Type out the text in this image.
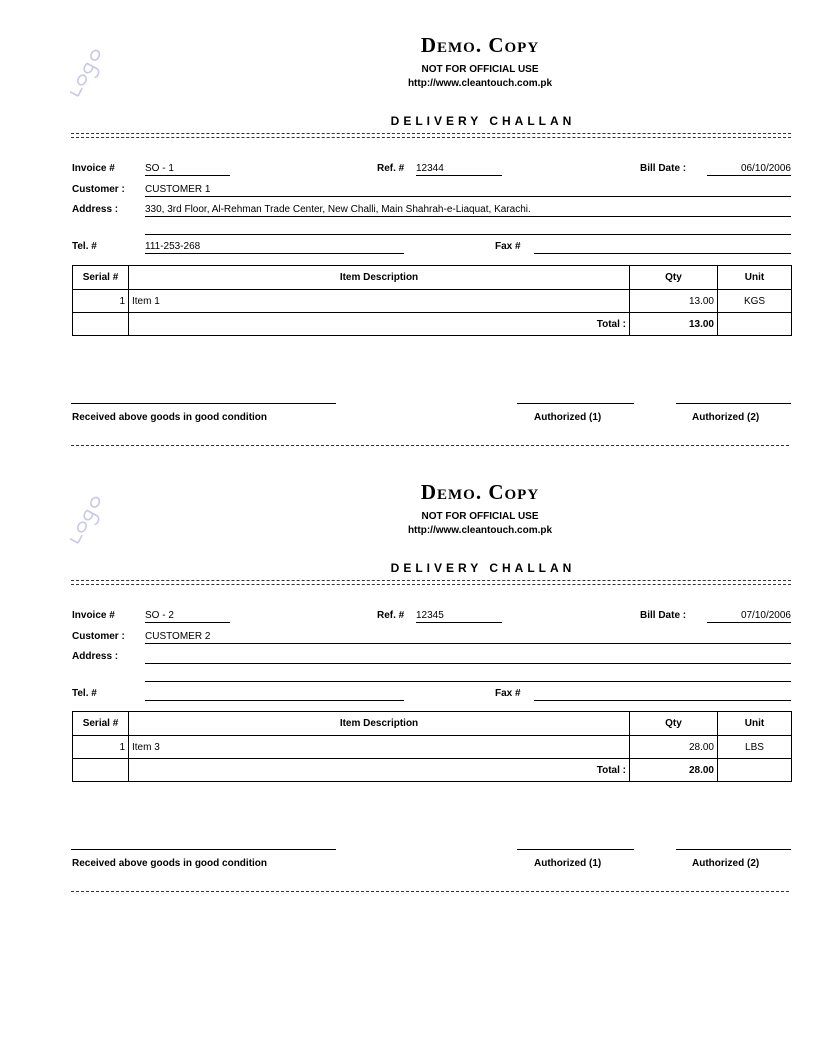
Demo. Copy
NOT FOR OFFICIAL USE
http://www.cleantouch.com.pk
DELIVERY CHALLAN
Invoice #	SO - 1	Ref. # 12344	Bill Date :	06/10/2006
Customer : CUSTOMER 1
Address :	330, 3rd Floor, Al-Rehman Trade Center, New Challi, Main Shahrah-e-Liaquat, Karachi.
Tel. #	111-253-268	Fax #
Serial #	Item Description	Qty	Unit
1	Item 1	13.00	KGS
	Total :	13.00	
Received above goods in good condition	Authorized (1)	Authorized (2)
Demo. Copy
NOT FOR OFFICIAL USE
http://www.cleantouch.com.pk
DELIVERY CHALLAN
Invoice #	SO - 2	Ref. # 12345	Bill Date :	07/10/2006
Customer : CUSTOMER 2
Address :
Tel. #	Fax #
Serial #	Item Description	Qty	Unit
1	Item 3	28.00	LBS
	Total :	28.00	
Received above goods in good condition	Authorized (1)	Authorized (2)
